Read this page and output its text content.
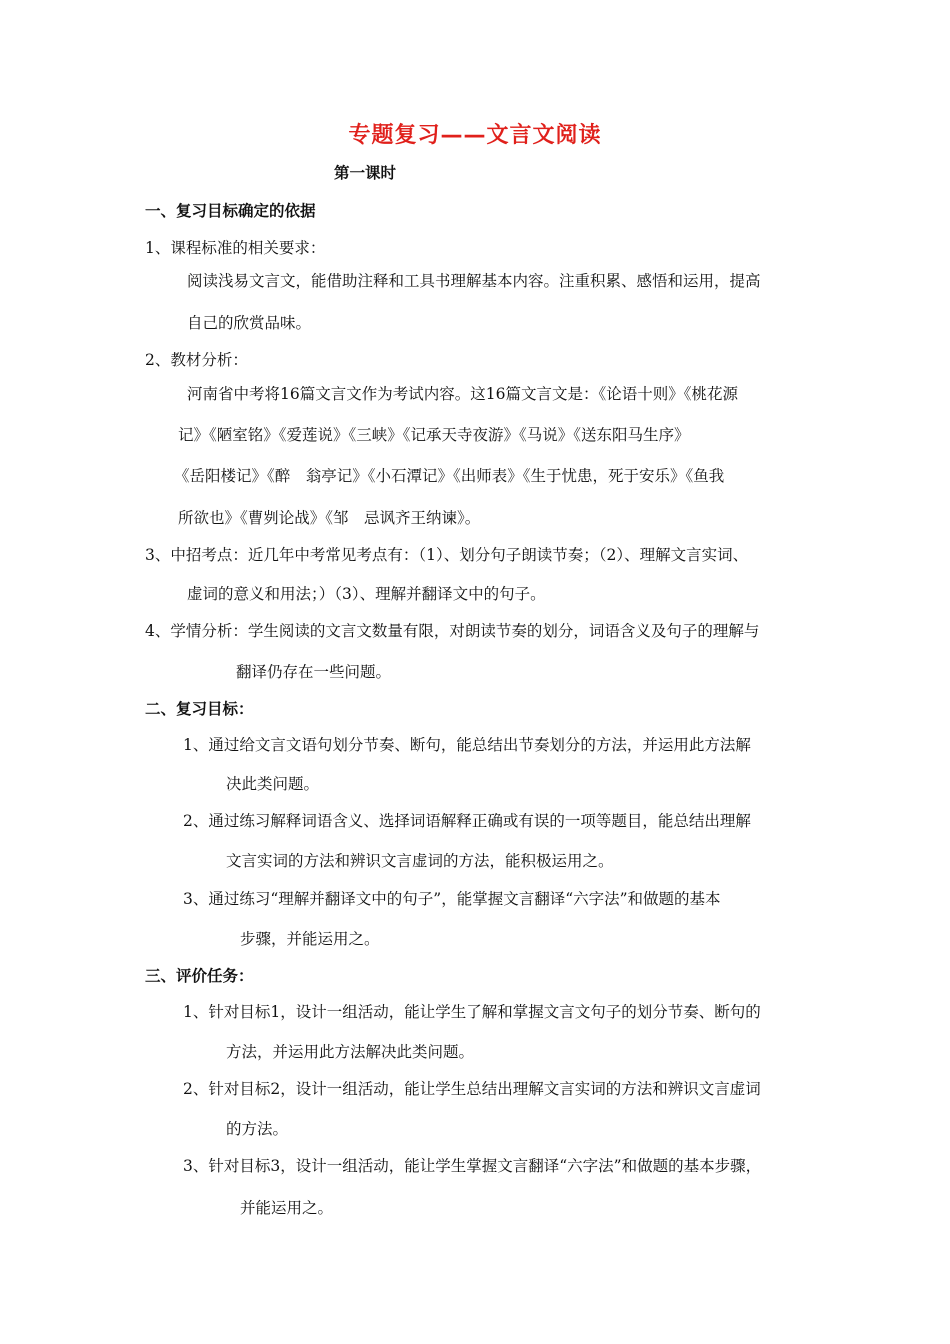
专题复习——文言文阅读
第一课时
一、复习目标确定的依据
1、课程标准的相关要求：
阅读浅易文言文，能借助注释和工具书理解基本内容。注重积累、感悟和运用，提高
自己的欣赏品味。
2、教材分析：
河南省中考将16篇文言文作为考试内容。这16篇文言文是：《论语十则》《桃花源
记》《陋室铭》《爱莲说》《三峡》《记承天寺夜游》《马说》《送东阳马生序》
《岳阳楼记》《醉　翁亭记》《小石潭记》《出师表》《生于忧患，死于安乐》《鱼我
所欲也》《曹刿论战》《邹　忌讽齐王纳谏》。
3、中招考点：近几年中考常见考点有：（1）、划分句子朗读节奏；（2）、理解文言实词、
虚词的意义和用法；）（3）、理解并翻译文中的句子。
4、学情分析：学生阅读的文言文数量有限，对朗读节奏的划分，词语含义及句子的理解与
翻译仍存在一些问题。
二、复习目标：
1、通过给文言文语句划分节奏、断句，能总结出节奏划分的方法，并运用此方法解
决此类问题。
2、通过练习解释词语含义、选择词语解释正确或有误的一项等题目，能总结出理解
文言实词的方法和辨识文言虚词的方法，能积极运用之。
3、通过练习“理解并翻译文中的句子”，能掌握文言翻译“六字法”和做题的基本
步骤，并能运用之。
三、评价任务：
1、针对目标1，设计一组活动，能让学生了解和掌握文言文句子的划分节奏、断句的
方法，并运用此方法解决此类问题。
2、针对目标2，设计一组活动，能让学生总结出理解文言实词的方法和辨识文言虚词
的方法。
3、针对目标3，设计一组活动，能让学生掌握文言翻译“六字法”和做题的基本步骤，
并能运用之。
